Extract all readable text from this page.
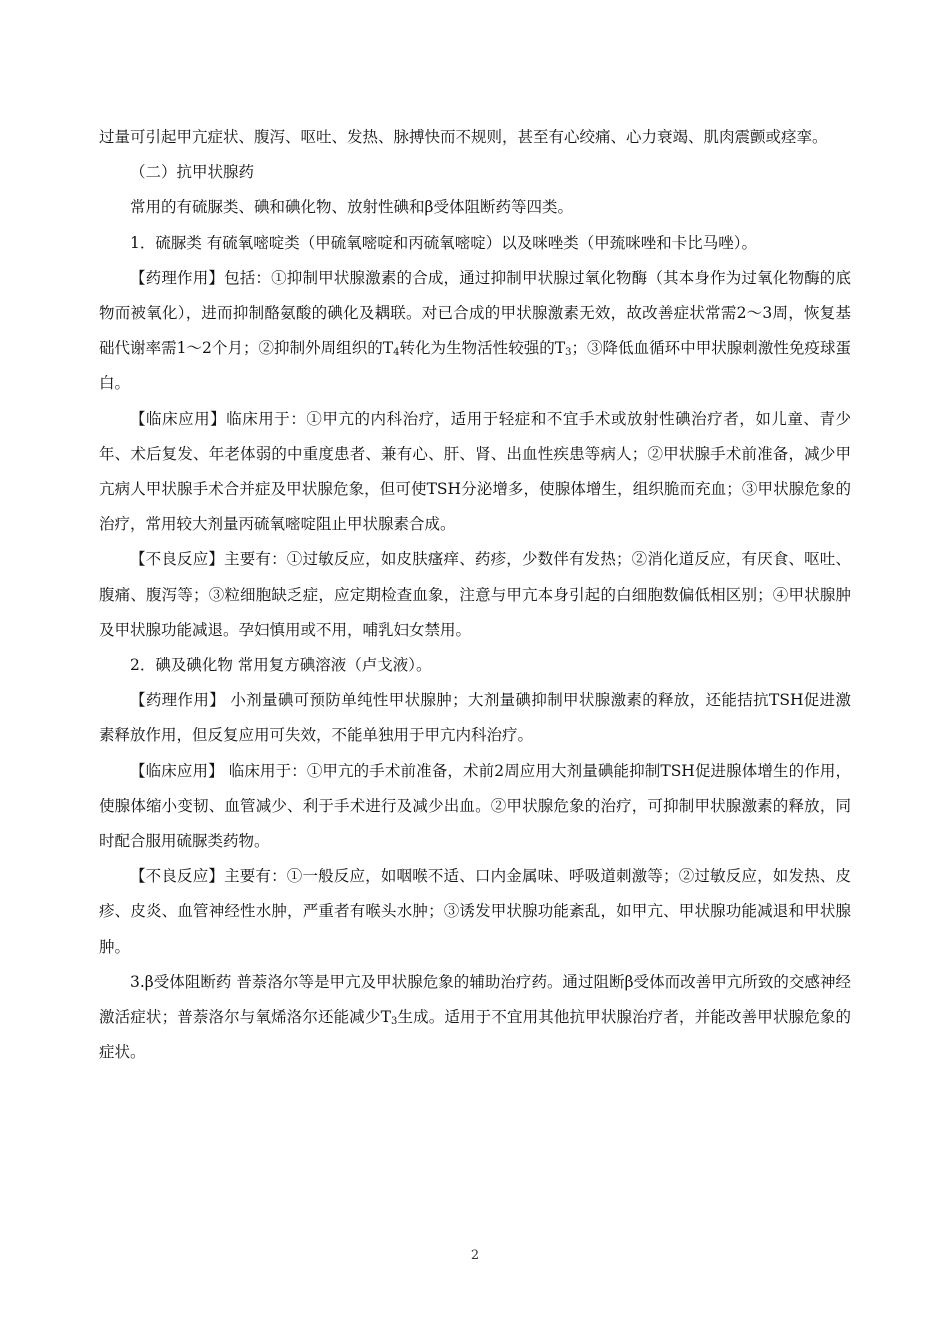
过量可引起甲亢症状、腹泻、呕吐、发热、脉搏快而不规则，甚至有心绞痛、心力衰竭、肌肉震颤或痉挛。

（二）抗甲状腺药

常用的有硫脲类、碘和碘化物、放射性碘和β受体阻断药等四类。

1．硫脲类 有硫氧嘧啶类（甲硫氧嘧啶和丙硫氧嘧啶）以及咪唑类（甲巯咪唑和卡比马唑）。

【药理作用】包括：①抑制甲状腺激素的合成，通过抑制甲状腺过氧化物酶（其本身作为过氧化物酶的底物而被氧化），进而抑制酪氨酸的碘化及耦联。对已合成的甲状腺激素无效，故改善症状常需2～3周，恢复基础代谢率需1～2个月；②抑制外周组织的$T_4$转化为生物活性较强的$T_3$；③降低血循环中甲状腺刺激性免疫球蛋白。

【临床应用】临床用于：①甲亢的内科治疗，适用于轻症和不宜手术或放射性碘治疗者，如儿童、青少年、术后复发、年老体弱的中重度患者、兼有心、肝、肾、出血性疾患等病人；②甲状腺手术前准备，减少甲亢病人甲状腺手术合并症及甲状腺危象，但可使TSH分泌增多，使腺体增生，组织脆而充血；③甲状腺危象的治疗，常用较大剂量丙硫氧嘧啶阻止甲状腺素合成。

【不良反应】主要有：①过敏反应，如皮肤瘙痒、药疹，少数伴有发热；②消化道反应，有厌食、呕吐、腹痛、腹泻等；③粒细胞缺乏症，应定期检查血象，注意与甲亢本身引起的白细胞数偏低相区别；④甲状腺肿及甲状腺功能减退。孕妇慎用或不用，哺乳妇女禁用。

2．碘及碘化物 常用复方碘溶液（卢戈液）。

【药理作用】 小剂量碘可预防单纯性甲状腺肿；大剂量碘抑制甲状腺激素的释放，还能拮抗TSH促进激素释放作用，但反复应用可失效，不能单独用于甲亢内科治疗。

【临床应用】 临床用于：①甲亢的手术前准备，术前2周应用大剂量碘能抑制TSH促进腺体增生的作用，使腺体缩小变韧、血管减少、利于手术进行及减少出血。②甲状腺危象的治疗，可抑制甲状腺激素的释放，同时配合服用硫脲类药物。

【不良反应】主要有：①一般反应，如咽喉不适、口内金属味、呼吸道刺激等；②过敏反应，如发热、皮疹、皮炎、血管神经性水肿，严重者有喉头水肿；③诱发甲状腺功能紊乱，如甲亢、甲状腺功能减退和甲状腺肿。

3.β受体阻断药 普萘洛尔等是甲亢及甲状腺危象的辅助治疗药。通过阻断β受体而改善甲亢所致的交感神经激活症状；普萘洛尔与氧烯洛尔还能减少$T_3$生成。适用于不宜用其他抗甲状腺治疗者，并能改善甲状腺危象的症状。

2
